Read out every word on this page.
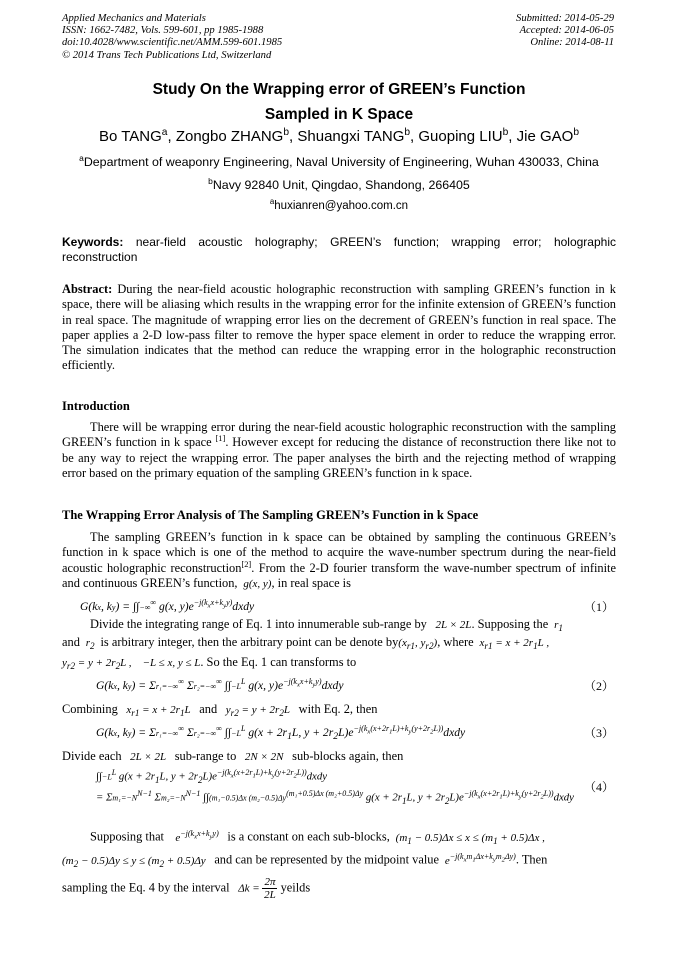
Applied Mechanics and Materials
ISSN: 1662-7482, Vols. 599-601, pp 1985-1988
doi:10.4028/www.scientific.net/AMM.599-601.1985
© 2014 Trans Tech Publications Ltd, Switzerland
Submitted: 2014-05-29
Accepted: 2014-06-05
Online: 2014-08-11
Study On the Wrapping error of GREEN’s Function
Sampled in K Space
Bo TANG$^a$, Zongbo ZHANG$^b$, Shuangxi TANG$^b$, Guoping LIU$^b$, Jie GAO$^b$
$^a$Department of weaponry Engineering, Naval University of Engineering, Wuhan 430033, China
$^b$Navy 92840 Unit, Qingdao, Shandong, 266405
$^a$huxianren@yahoo.com.cn
Keywords: near-field acoustic holography; GREEN’s function; wrapping error; holographic reconstruction
Abstract: During the near-field acoustic holographic reconstruction with sampling GREEN’s function in k space, there will be aliasing which results in the wrapping error for the infinite extension of GREEN’s function in real space. The magnitude of wrapping error lies on the decrement of GREEN’s function in real space. The paper applies a 2-D low-pass filter to remove the hyper space element in order to reduce the wrapping error. The simulation indicates that the method can reduce the wrapping error in the holographic reconstruction efficiently.
Introduction
There will be wrapping error during the near-field acoustic holographic reconstruction with the sampling GREEN’s function in k space [1]. However except for reducing the distance of reconstruction there like not to be any way to reject the wrapping error. The paper analyses the birth and the rejecting method of wrapping error based on the primary equation of the sampling GREEN’s function in k space.
The Wrapping Error Analysis of The Sampling GREEN’s Function in k Space
The sampling GREEN’s function in k space can be obtained by sampling the continuous GREEN’s function in k space which is one of the method to acquire the wave-number spectrum during the near-field acoustic holographic reconstruction[2]. From the 2-D fourier transform the wave-number spectrum of infinite and continuous GREEN’s function,  g(x, y), in real space is
G(kx, ky) = ∫∫−∞∞ g(x, $y)e^{-j(k_xx+k_yy)}dxdy$	（1）
Divide the integrating range of Eq. 1 into innumerable sub-range by   2L × 2L. Supposing the  $r_1$
and  $r_2$ is arbitrary integer, then the arbitrary point can be denote $by(x_{r1}$, $y_{r2}$), where  $x_{r1} = x + 2r_1L$ ,
$y_{r2} = y + 2r_2L$ ,    −L ≤ x, y ≤ L. So the Eq. 1 can transforms to
G(kx, ky) = Σr₁=−∞∞ Σr₂=−∞∞ $\int\int-L^L$ g(x, $y)e^{-j(k_xx+k_yy)}dxdy$	（2）
Combining   $x_{r1} = x + 2r_1L$   and   $y_{r2} = y + 2r_2L$   with Eq. 2, then
G(kx, ky) = Σr₁=−∞∞ Σr₂=−∞∞ $\int\int-L^L$ $g(x + 2r_1L$, $y + 2r_2L)e^{-j(k_x(x+2r_1L)+k_y(y+2r_2L))}dxdy$	（3）
Divide each   2L × 2L   sub-range to   2N × 2N   sub-blocks again, then
$\int\int-L^L$ $g(x + 2r_1L$, $y + 2r_2L)e^{-j(k_x(x+2r_1L)+k_y(y+2r_2L))}dxdy$
= $\Sigma m_1=-N^{N-1}$ $\Sigma m_2=-N^{N-1}$ ∫∫(m₁−0.5)Δx $(m_2-0.5)\Delta y^{(m_1+0.5)\Delta x (m_2+0.5)\Delta y}$ $g(x + 2r_1L$, $y + 2r_2L)e^{-j(k_x(x+2r_1L)+k_y(y+2r_2L))}dxdy$
（4）
Supposing that    $e^{-j(k_xx+k_yy)}$ is a constant on each sub-blocks,  $(m_1 - 0.5)\Delta x \le x \le (m_1 + 0.5)\Delta x$ ,
$(m_2 - 0.5)\Delta y \le y \le (m_2 + 0.5)\Delta y$   and can be represented by the midpoint value  $e^{-j(k_xm_1\Delta x+k_ym_2\Delta y)}$. Then
sampling the Eq. 4 by the interval   $\Delta k = \frac{2\pi}{2L}$ yeilds
